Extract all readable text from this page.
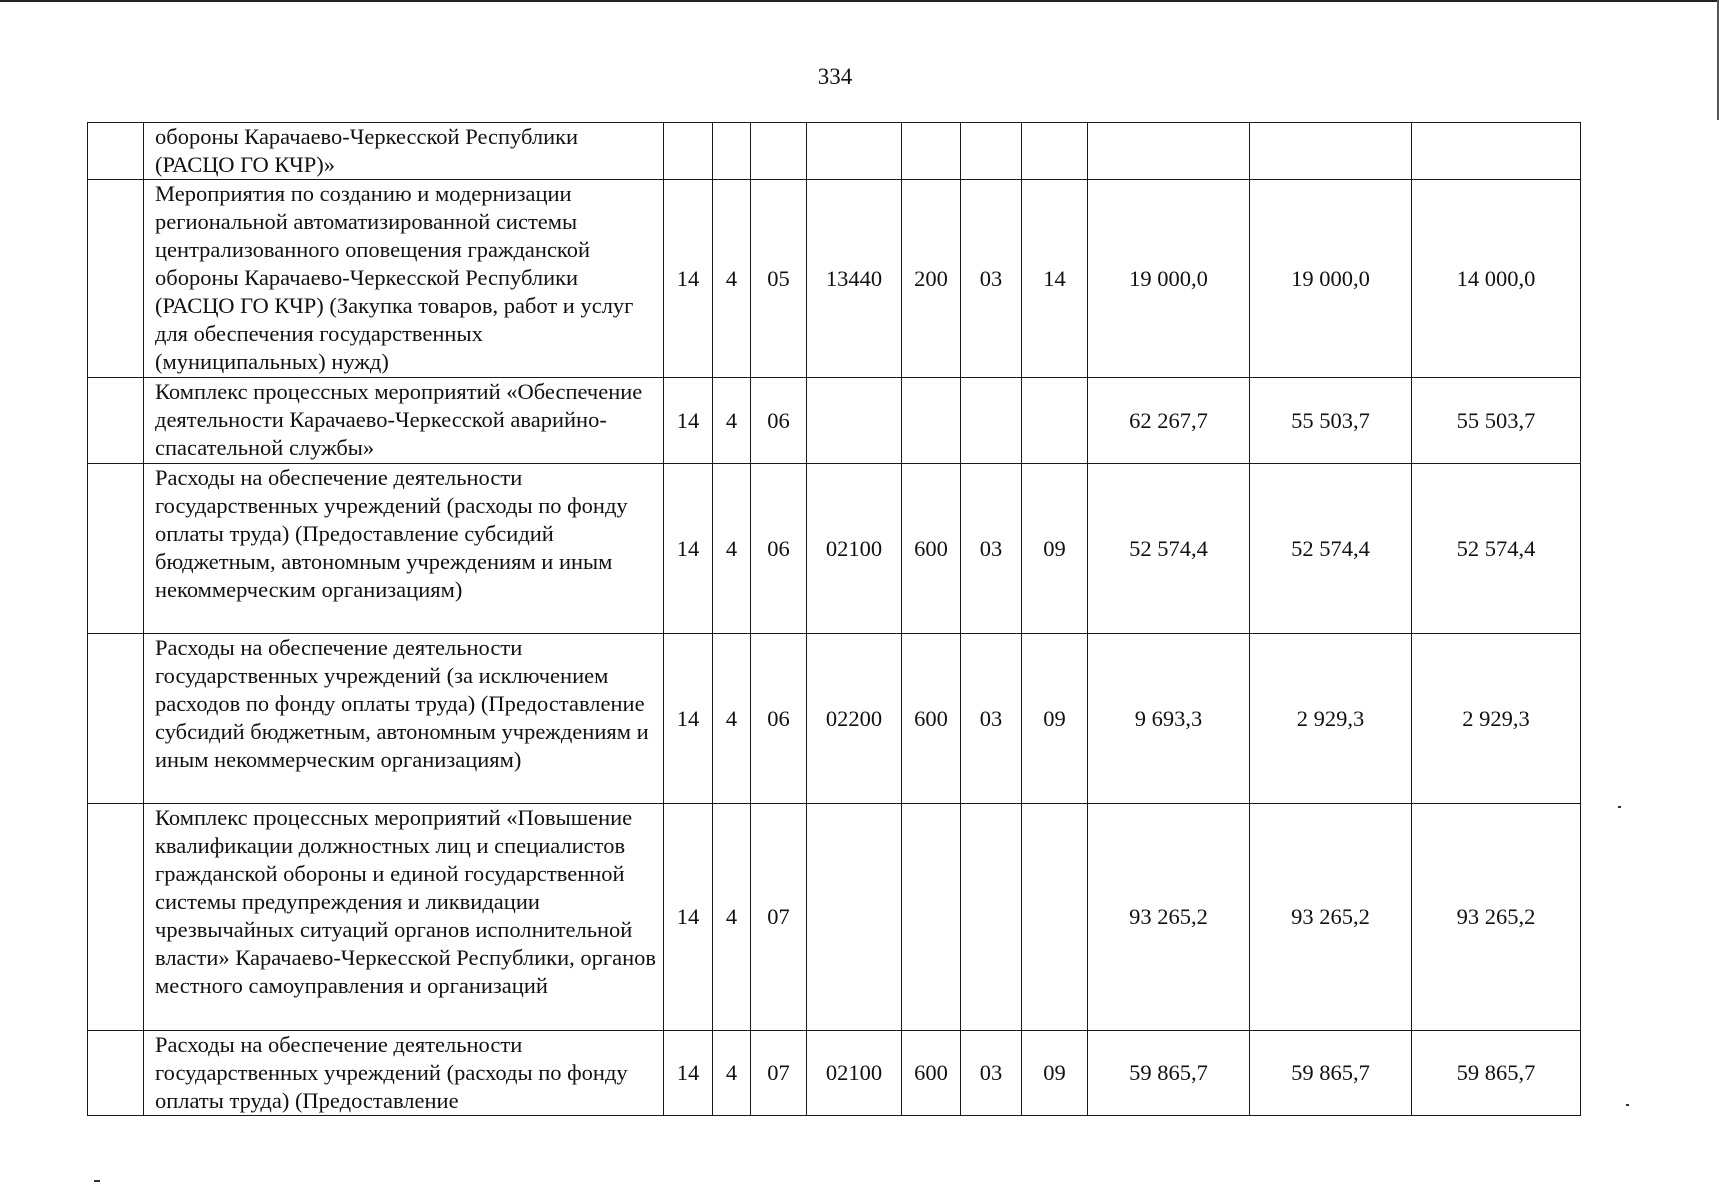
334
	обороны Карачаево-Черкесской Республики (РАСЦО ГО КЧР)»										
	Мероприятия по созданию и модернизации региональной автоматизированной системы централизованного оповещения гражданской обороны Карачаево-Черкесской Республики (РАСЦО ГО КЧР) (Закупка товаров, работ и услуг для обеспечения государственных (муниципальных) нужд)	14	4	05	13440	200	03	14	19 000,0	19 000,0	14 000,0
	Комплекс процессных мероприятий «Обеспечение деятельности Карачаево-Черкесской аварийно-спасательной службы»	14	4	06					62 267,7	55 503,7	55 503,7
	Расходы на обеспечение деятельности государственных учреждений (расходы по фонду оплаты труда) (Предоставление субсидий бюджетным, автономным учреждениям и иным некоммерческим организациям)	14	4	06	02100	600	03	09	52 574,4	52 574,4	52 574,4
	Расходы на обеспечение деятельности государственных учреждений (за исключением расходов по фонду оплаты труда) (Предоставление субсидий бюджетным, автономным учреждениям и иным некоммерческим организациям)	14	4	06	02200	600	03	09	9 693,3	2 929,3	2 929,3
	Комплекс процессных мероприятий «Повышение квалификации должностных лиц и специалистов гражданской обороны и единой государственной системы предупреждения и ликвидации чрезвычайных ситуаций органов исполнительной власти» Карачаево-Черкесской Республики, органов местного самоуправления и организаций	14	4	07					93 265,2	93 265,2	93 265,2
	Расходы на обеспечение деятельности государственных учреждений (расходы по фонду оплаты труда) (Предоставление	14	4	07	02100	600	03	09	59 865,7	59 865,7	59 865,7
